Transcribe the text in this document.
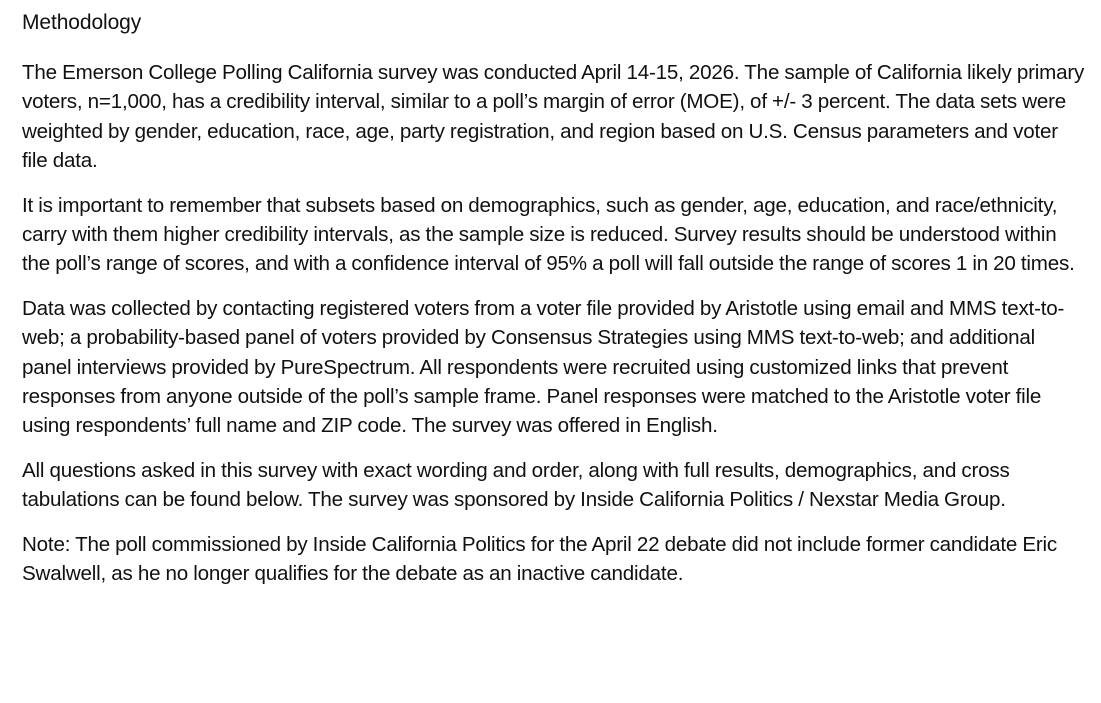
Methodology

The Emerson College Polling California survey was conducted April 14-15, 2026. The sample of California likely primary voters, n=1,000, has a credibility interval, similar to a poll’s margin of error (MOE), of +/- 3 percent. The data sets were weighted by gender, education, race, age, party registration, and region based on U.S. Census parameters and voter file data.

It is important to remember that subsets based on demographics, such as gender, age, education, and race/ethnicity, carry with them higher credibility intervals, as the sample size is reduced. Survey results should be understood within the poll’s range of scores, and with a confidence interval of 95% a poll will fall outside the range of scores 1 in 20 times.

Data was collected by contacting registered voters from a voter file provided by Aristotle using email and MMS text-to-web; a probability-based panel of voters provided by Consensus Strategies using MMS text-to-web; and additional panel interviews provided by PureSpectrum. All respondents were recruited using customized links that prevent responses from anyone outside of the poll’s sample frame. Panel responses were matched to the Aristotle voter file using respondents’ full name and ZIP code. The survey was offered in English.

All questions asked in this survey with exact wording and order, along with full results, demographics, and cross tabulations can be found below. The survey was sponsored by Inside California Politics / Nexstar Media Group.

Note: The poll commissioned by Inside California Politics for the April 22 debate did not include former candidate Eric Swalwell, as he no longer qualifies for the debate as an inactive candidate.
